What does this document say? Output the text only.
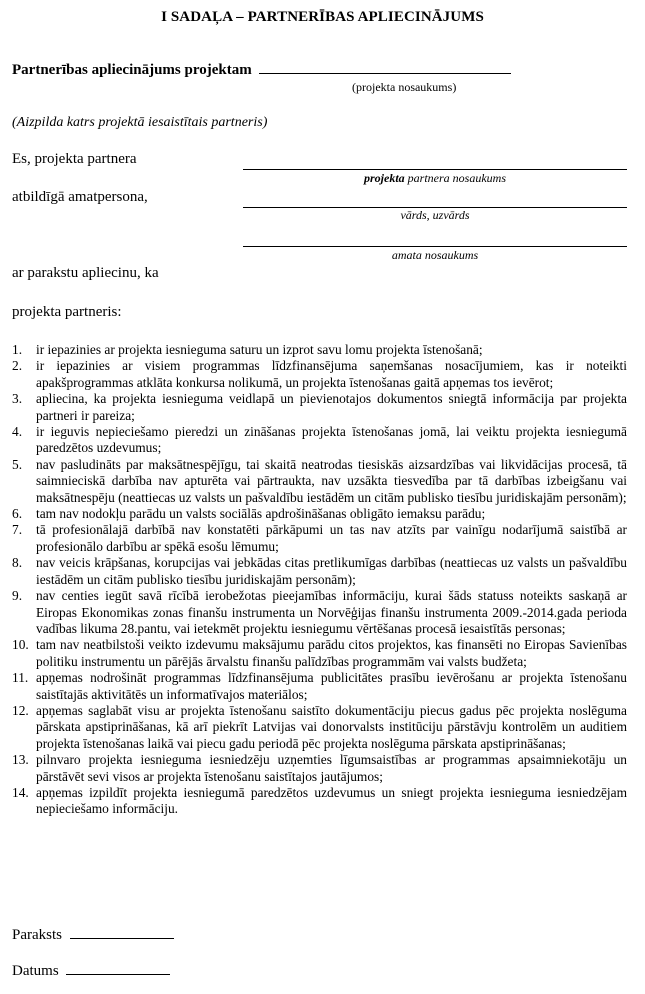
I SADAĻA – PARTNERĪBAS APLIECINĀJUMS
Partnerības apliecinājums projektam
(projekta nosaukums)
(Aizpilda katrs projektā iesaistītais partneris)
Es, projekta partnera
projekta partnera nosaukums
atbildīgā amatpersona,
vārds, uzvārds
amata nosaukums
ar parakstu apliecinu, ka
projekta partneris:
1. ir iepazinies ar projekta iesnieguma saturu un izprot savu lomu projekta īstenošanā;
2. ir iepazinies ar visiem programmas līdzfinansējuma saņemšanas nosacījumiem, kas ir noteikti apakšprogrammas atklāta konkursa nolikumā, un projekta īstenošanas gaitā apņemas tos ievērot;
3. apliecina, ka projekta iesnieguma veidlapā un pievienotajos dokumentos sniegtā informācija par projekta partneri ir pareiza;
4. ir ieguvis nepieciešamo pieredzi un zināšanas projekta īstenošanas jomā, lai veiktu projekta iesniegumā paredzētos uzdevumus;
5. nav pasludināts par maksātnespējīgu, tai skaitā neatrodas tiesiskās aizsardzības vai likvidācijas procesā, tā saimnieciskā darbība nav apturēta vai pārtraukta, nav uzsākta tiesvedība par tā darbības izbeigšanu vai maksātnespēju (neattiecas uz valsts un pašvaldību iestādēm un citām publisko tiesību juridiskajām personām);
6. tam nav nodokļu parādu un valsts sociālās apdrošināšanas obligāto iemaksu parādu;
7. tā profesionālajā darbībā nav konstatēti pārkāpumi un tas nav atzīts par vainīgu nodarījumā saistībā ar profesionālo darbību ar spēkā esošu lēmumu;
8. nav veicis krāpšanas, korupcijas vai jebkādas citas pretlikumīgas darbības (neattiecas uz valsts un pašvaldību iestādēm un citām publisko tiesību juridiskajām personām);
9. nav centies iegūt savā rīcībā ierobežotas pieejamības informāciju, kurai šāds statuss noteikts saskaņā ar Eiropas Ekonomikas zonas finanšu instrumenta un Norvēģijas finanšu instrumenta 2009.-2014.gada perioda vadības likuma 28.pantu, vai ietekmēt projektu iesniegumu vērtēšanas procesā iesaistītās personas;
10. tam nav neatbilstoši veikto izdevumu maksājumu parādu citos projektos, kas finansēti no Eiropas Savienības politiku instrumentu un pārējās ārvalstu finanšu palīdzības programmām vai valsts budžeta;
11. apņemas nodrošināt programmas līdzfinansējuma publicitātes prasību ievērošanu ar projekta īstenošanu saistītajās aktivitātēs un informatīvajos materiālos;
12. apņemas saglabāt visu ar projekta īstenošanu saistīto dokumentāciju piecus gadus pēc projekta noslēguma pārskata apstiprināšanas, kā arī piekrīt Latvijas vai donorvalsts institūciju pārstāvju kontrolēm un auditiem projekta īstenošanas laikā vai piecu gadu periodā pēc projekta noslēguma pārskata apstiprināšanas;
13. pilnvaro projekta iesnieguma iesniedzēju uzņemties līgumsaistības ar programmas apsaimniekotāju un pārstāvēt sevi visos ar projekta īstenošanu saistītajos jautājumos;
14. apņemas izpildīt projekta iesniegumā paredzētos uzdevumus un sniegt projekta iesnieguma iesniedzējam nepieciešamo informāciju.
Paraksts
Datums
